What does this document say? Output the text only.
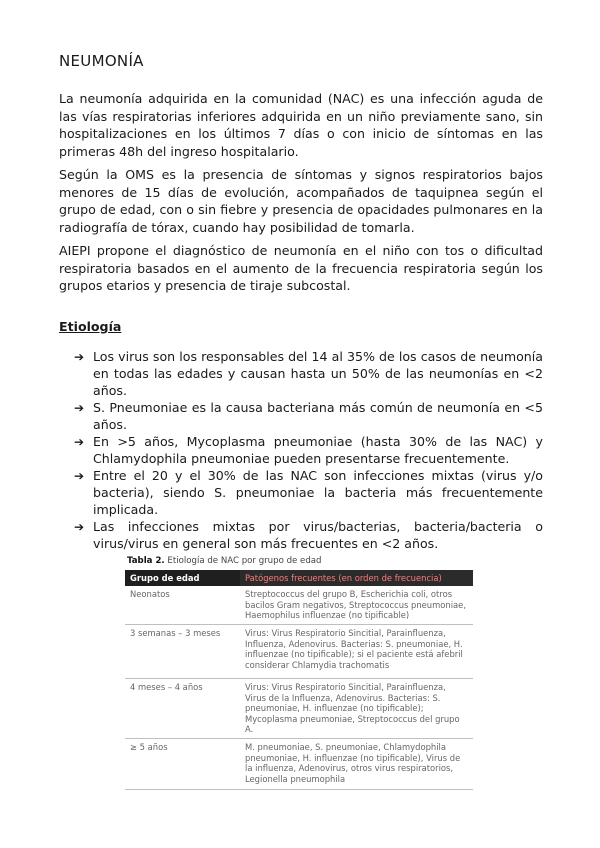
NEUMONÍA

La neumonía adquirida en la comunidad (NAC) es una infección aguda de las vías respiratorias inferiores adquirida en un niño previamente sano, sin hospitalizaciones en los últimos 7 días o con inicio de síntomas en las primeras 48h del ingreso hospitalario.

Según la OMS es la presencia de síntomas y signos respiratorios bajos menores de 15 días de evolución, acompañados de taquipnea según el grupo de edad, con o sin fiebre y presencia de opacidades pulmonares en la radiografía de tórax, cuando hay posibilidad de tomarla.

AIEPI propone el diagnóstico de neumonía en el niño con tos o dificultad respiratoria basados en el aumento de la frecuencia respiratoria según los grupos etarios y presencia de tiraje subcostal.

Etiología
➔ Los virus son los responsables del 14 al 35% de los casos de neumonía en todas las edades y causan hasta un 50% de las neumonías en <2 años.
➔ S. Pneumoniae es la causa bacteriana más común de neumonía en <5 años.
➔ En >5 años, Mycoplasma pneumoniae (hasta 30% de las NAC) y Chlamydophila pneumoniae pueden presentarse frecuentemente.
➔ Entre el 20 y el 30% de las NAC son infecciones mixtas (virus y/o bacteria), siendo S. pneumoniae la bacteria más frecuentemente implicada.
➔ Las infecciones mixtas por virus/bacterias, bacteria/bacteria o virus/virus en general son más frecuentes en <2 años.

Tabla 2. Etiología de NAC por grupo de edad

Grupo de edad	Patógenos frecuentes (en orden de frecuencia)
Neonatos	Streptococcus del grupo B, Escherichia coli, otros bacilos Gram negativos, Streptococcus pneumoniae, Haemophilus influenzae (no tipificable)
3 semanas – 3 meses	Virus: Virus Respiratorio Sincitial, Parainfluenza, Influenza, Adenovirus. Bacterias: S. pneumoniae, H. influenzae (no tipificable); si el paciente está afebril considerar Chlamydia trachomatis
4 meses – 4 años	Virus: Virus Respiratorio Sincitial, Parainfluenza, Virus de la Influenza, Adenovirus. Bacterias: S. pneumoniae, H. influenzae (no tipificable); Mycoplasma pneumoniae, Streptococcus del grupo A.
≥ 5 años	M. pneumoniae, S. pneumoniae, Chlamydophila pneumoniae, H. influenzae (no tipificable), Virus de la influenza, Adenovirus, otros virus respiratorios, Legionella pneumophila
